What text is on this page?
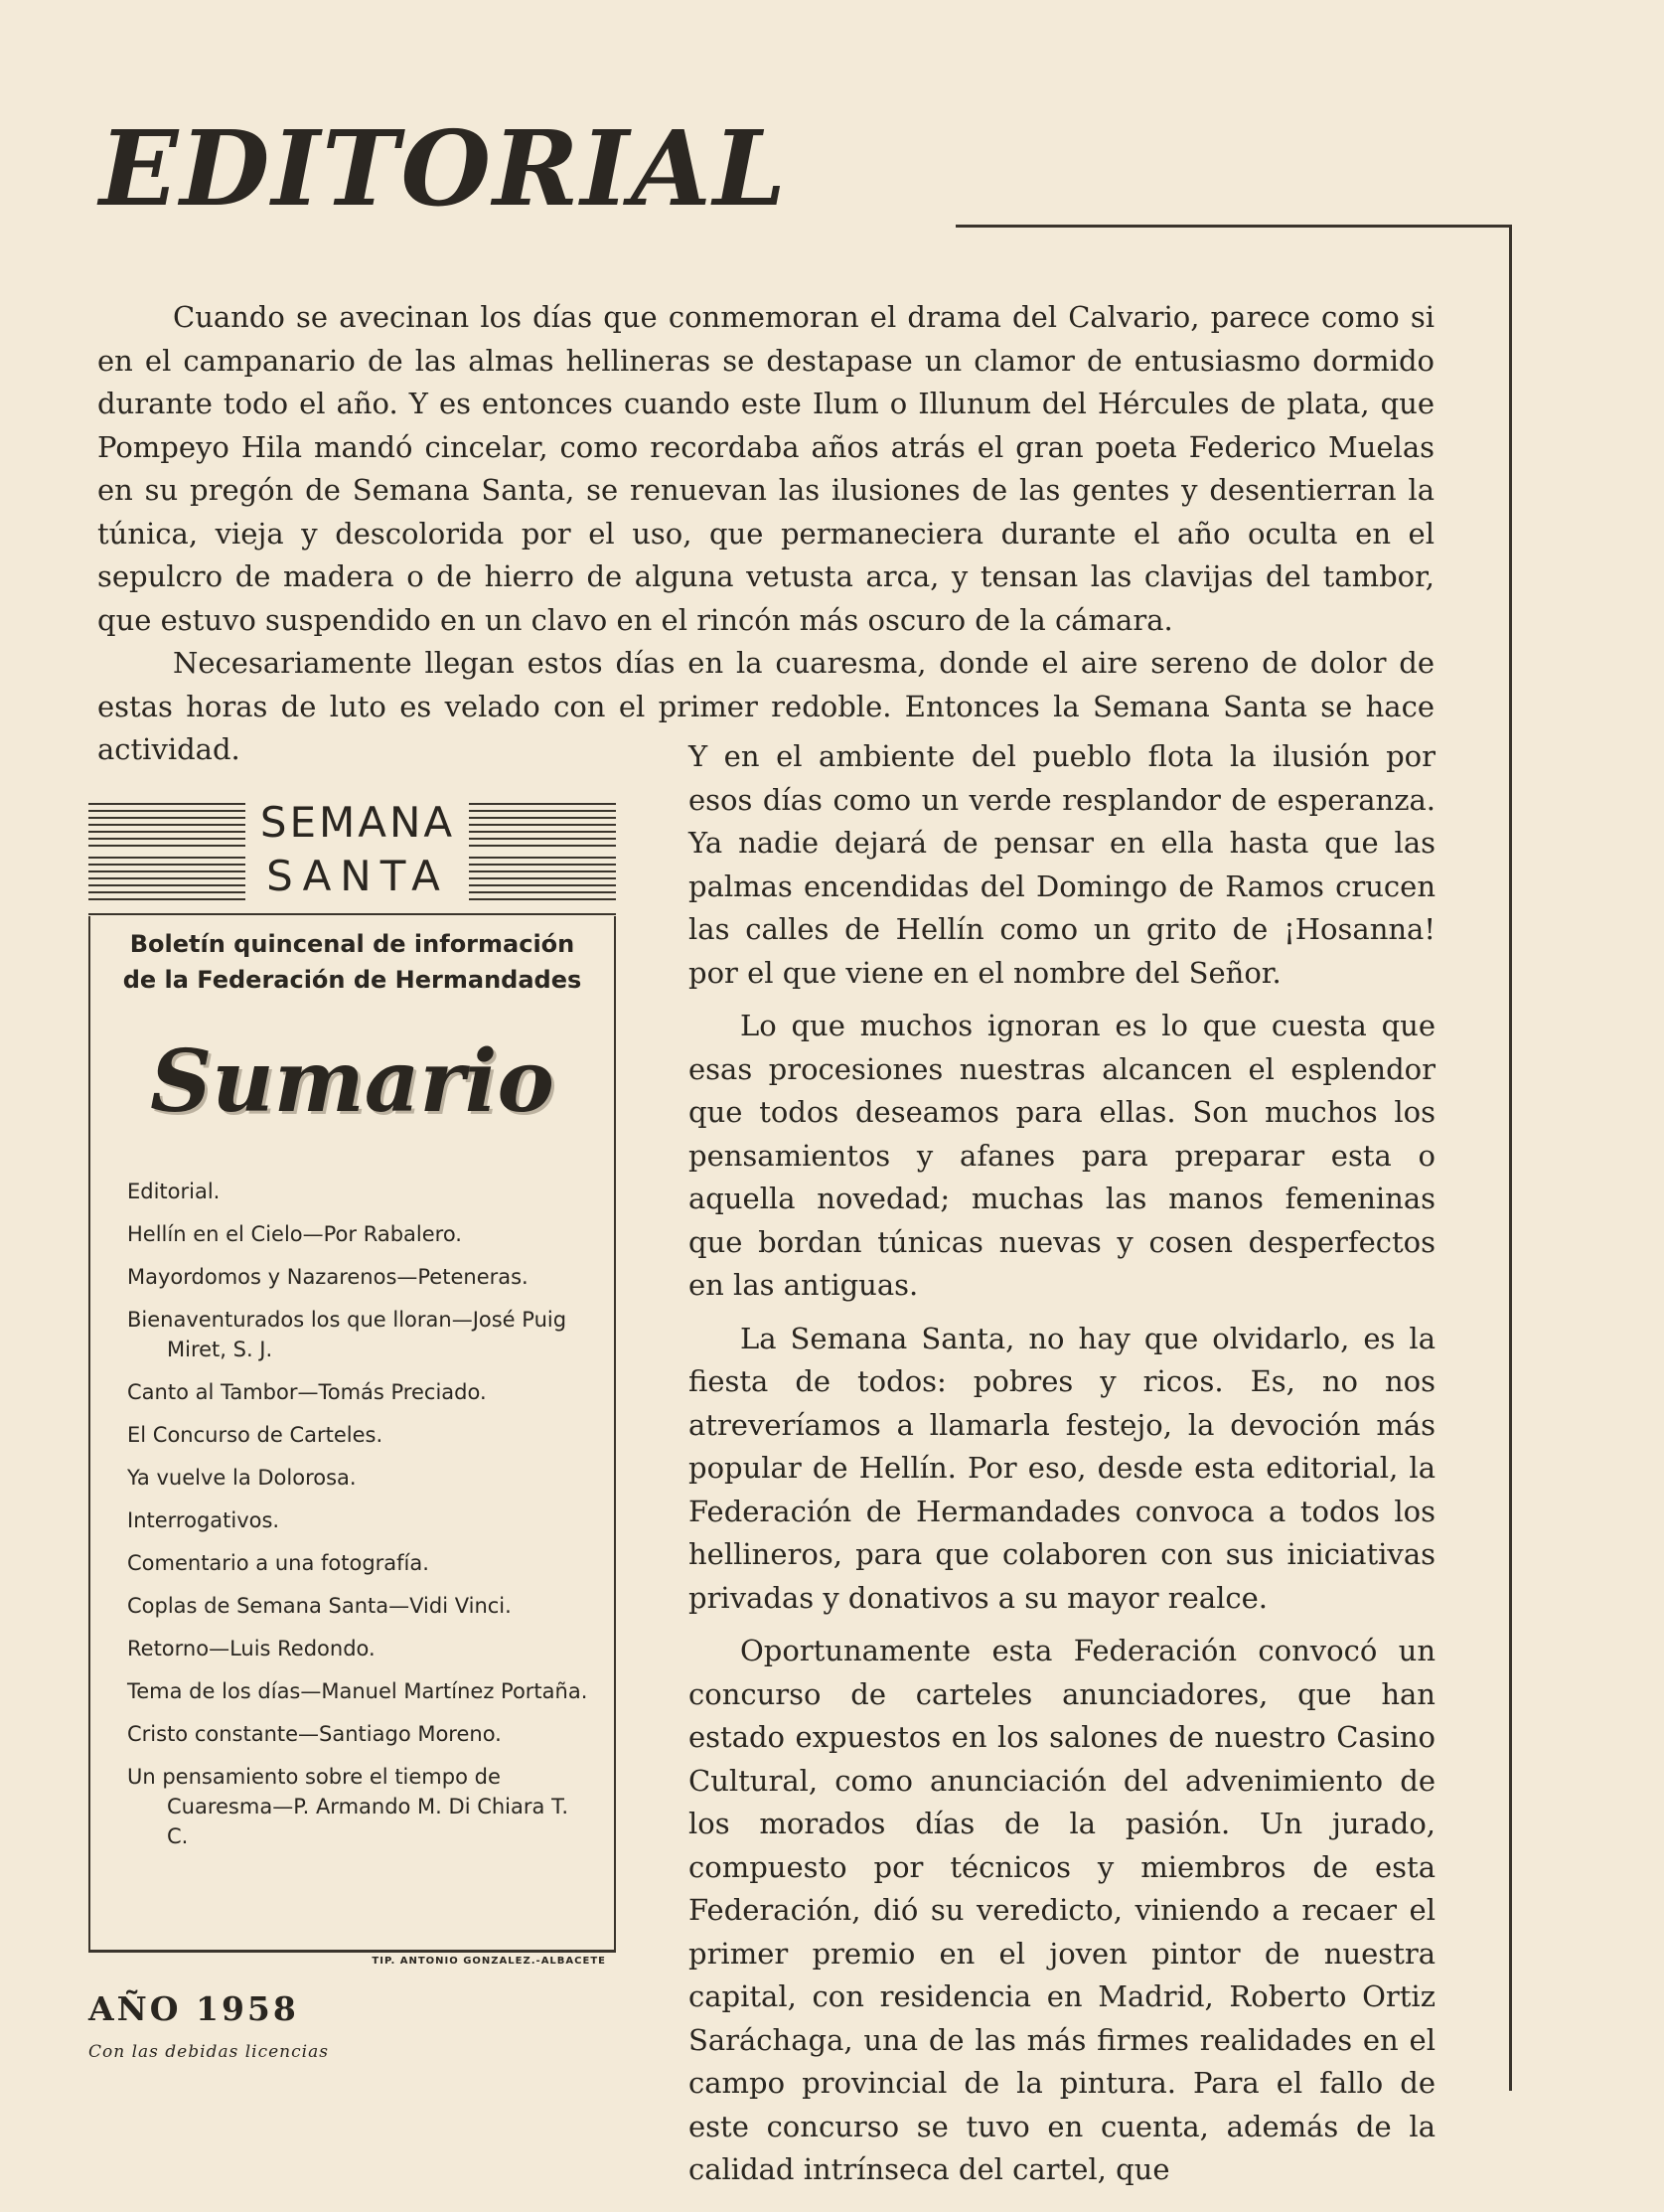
EDITORIAL

Cuando se avecinan los días que conmemoran el drama del Calvario, parece como si en el campanario de las almas hellineras se destapase un clamor de entusiasmo dormido durante todo el año. Y es entonces cuando este Ilum o Illunum del Hércules de plata, que Pompeyo Hila mandó cincelar, como recordaba años atrás el gran poeta Federico Muelas en su pregón de Semana Santa, se renuevan las ilusiones de las gentes y desentierran la túnica, vieja y descolorida por el uso, que permaneciera durante el año oculta en el sepulcro de madera o de hierro de alguna vetusta arca, y tensan las clavijas del tambor, que estuvo suspendido en un clavo en el rincón más oscuro de la cámara.

Necesariamente llegan estos días en la cuaresma, donde el aire sereno de dolor de estas horas de luto es velado con el primer redoble. Entonces la Semana Santa se hace actividad.

SEMANA
SANTA
Boletín quincenal de información
de la Federación de Hermandades
Sumario
Editorial.
Hellín en el Cielo—Por Rabalero.
Mayordomos y Nazarenos—Peteneras.
Bienaventurados los que lloran—José Puig Miret, S. J.
Canto al Tambor—Tomás Preciado.
El Concurso de Carteles.
Ya vuelve la Dolorosa.
Interrogativos.
Comentario a una fotografía.
Coplas de Semana Santa—Vidi Vinci.
Retorno—Luis Redondo.
Tema de los días—Manuel Martínez Portaña.
Cristo constante—Santiago Moreno.
Un pensamiento sobre el tiempo de Cuaresma—P. Armando M. Di Chiara T. C.
TIP. ANTONIO GONZALEZ.-ALBACETE
AÑO 1958
Con las debidas licencias

Y en el ambiente del pueblo flota la ilusión por esos días como un verde resplandor de esperanza. Ya nadie dejará de pensar en ella hasta que las palmas encendidas del Domingo de Ramos crucen las calles de Hellín como un grito de ¡Hosanna! por el que viene en el nombre del Señor.

Lo que muchos ignoran es lo que cuesta que esas procesiones nuestras alcancen el esplendor que todos deseamos para ellas. Son muchos los pensamientos y afanes para preparar esta o aquella novedad; muchas las manos femeninas que bordan túnicas nuevas y cosen desperfectos en las antiguas.

La Semana Santa, no hay que olvidarlo, es la fiesta de todos: pobres y ricos. Es, no nos atreveríamos a llamarla festejo, la devoción más popular de Hellín. Por eso, desde esta editorial, la Federación de Hermandades convoca a todos los hellineros, para que colaboren con sus iniciativas privadas y donativos a su mayor realce.

Oportunamente esta Federación convocó un concurso de carteles anunciadores, que han estado expuestos en los salones de nuestro Casino Cultural, como anunciación del advenimiento de los morados días de la pasión. Un jurado, compuesto por técnicos y miembros de esta Federación, dió su veredicto, viniendo a recaer el primer premio en el joven pintor de nuestra capital, con residencia en Madrid, Roberto Ortiz Saráchaga, una de las más firmes realidades en el campo provincial de la pintura. Para el fallo de este concurso se tuvo en cuenta, además de la calidad intrínseca del cartel, que
